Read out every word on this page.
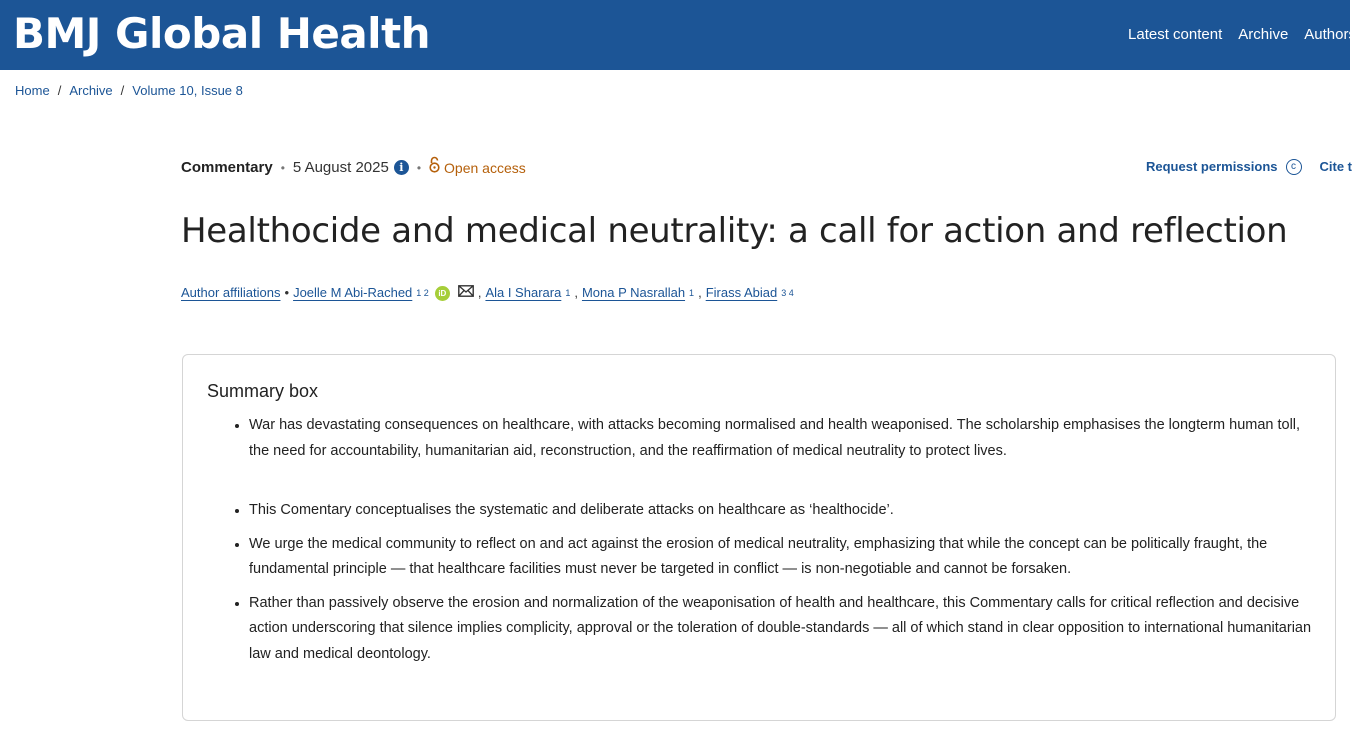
BMJ Global Health	Latest content Archive Authors
Home / Archive / Volume 10, Issue 8
Commentary • 5 August 2025 i	• Open access	Request permissions	c	Cite t
Healthocide and medical neutrality: a call for action and reflection
Author affiliations • Joelle M Abi-Rached 1 2	iD , Ala I Sharara 1 , Mona P Nasrallah 1 , Firass Abiad 3 4
Summary box
• War has devastating consequences on healthcare, with attacks becoming normalised and health weaponised. The scholarship emphasises the longterm human toll, the need for accountability, humanitarian aid, reconstruction, and the reaffirmation of medical neutrality to protect lives.
• This Comentary conceptualises the systematic and deliberate attacks on healthcare as ‘healthocide’.
• We urge the medical community to reflect on and act against the erosion of medical neutrality, emphasizing that while the concept can be politically fraught, the fundamental principle — that healthcare facilities must never be targeted in conflict — is non-negotiable and cannot be forsaken.
• Rather than passively observe the erosion and normalization of the weaponisation of health and healthcare, this Commentary calls for critical reflection and decisive action underscoring that silence implies complicity, approval or the toleration of double-standards — all of which stand in clear opposition to international humanitarian law and medical deontology.
